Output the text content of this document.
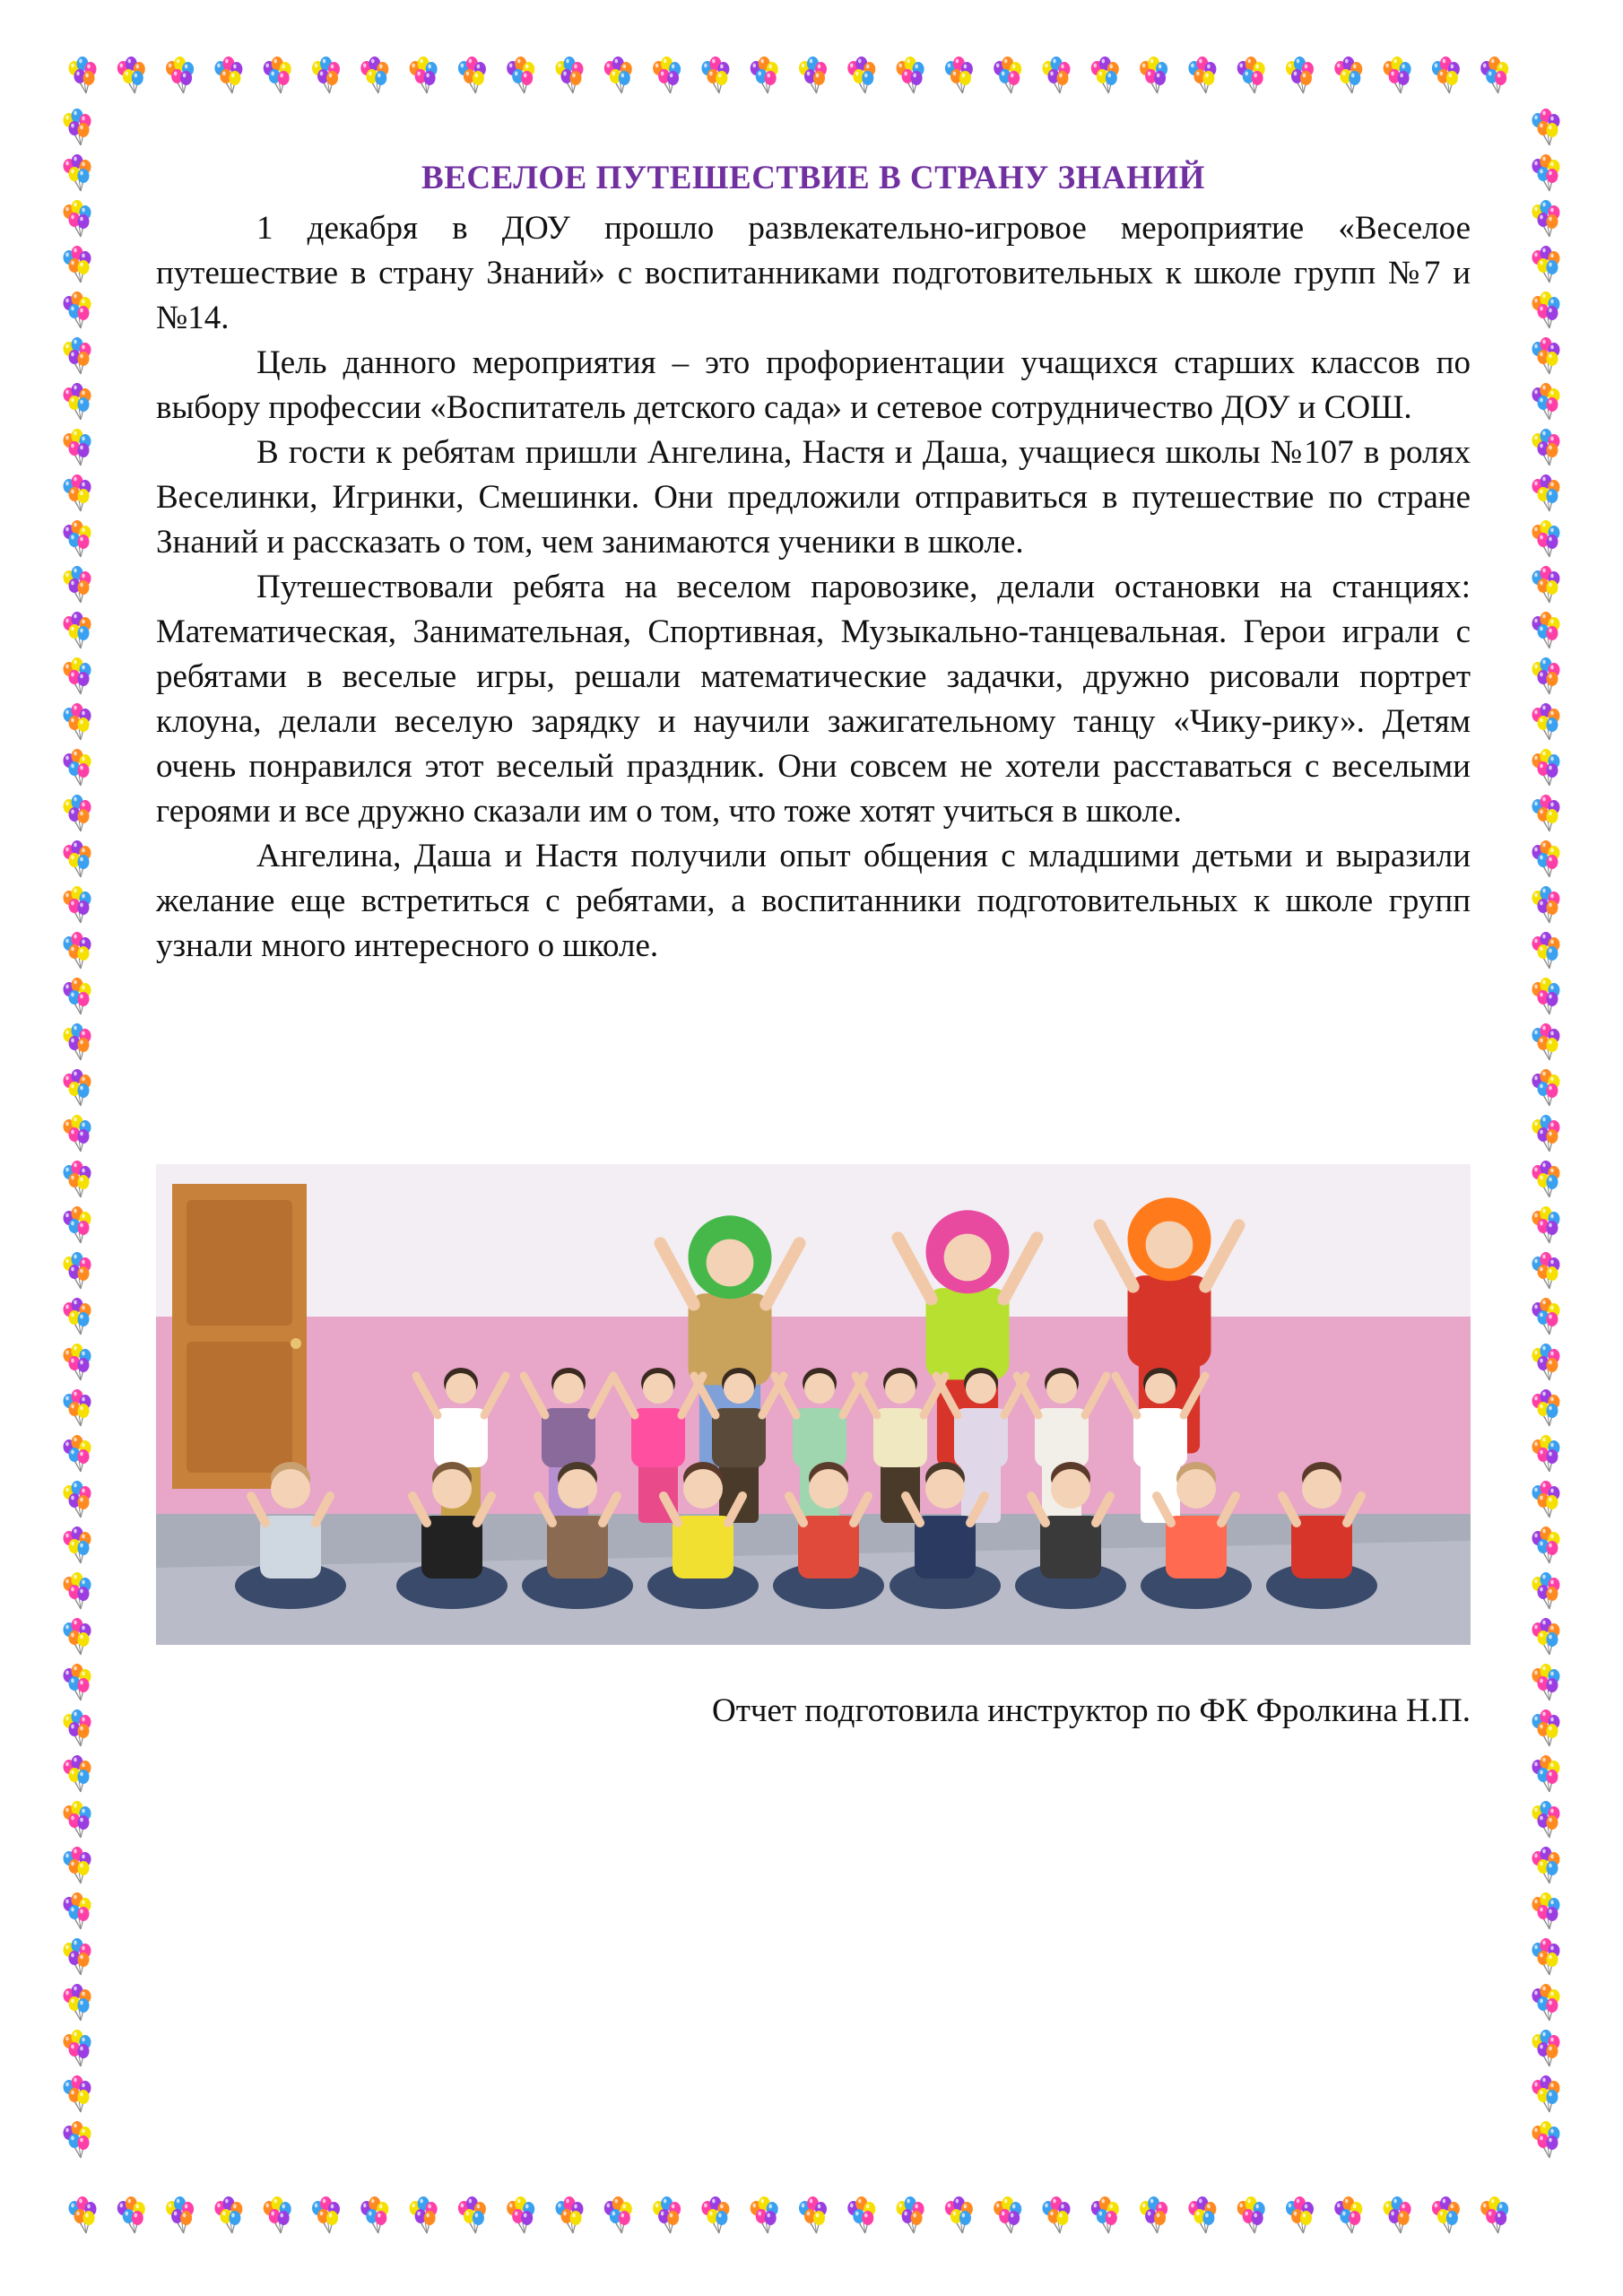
ВЕСЕЛОЕ ПУТЕШЕСТВИЕ В СТРАНУ ЗНАНИЙ

1 декабря в ДОУ прошло развлекательно-игровое мероприятие «Веселое путешествие в страну Знаний» с воспитанниками подготовительных к школе групп №7 и №14.

Цель данного мероприятия – это профориентации учащихся старших классов по выбору профессии «Воспитатель детского сада» и сетевое сотрудничество ДОУ и СОШ.

В гости к ребятам пришли Ангелина, Настя и Даша, учащиеся школы №107 в ролях Веселинки, Игринки, Смешинки. Они предложили отправиться в путешествие по стране Знаний и рассказать о том, чем занимаются ученики в школе.

Путешествовали ребята на веселом паровозике, делали остановки на станциях: Математическая, Занимательная, Спортивная, Музыкально-танцевальная. Герои играли с ребятами в веселые игры, решали математические задачки, дружно рисовали портрет клоуна, делали веселую зарядку и научили зажигательному танцу «Чику-рику». Детям очень понравился этот веселый праздник. Они совсем не хотели расставаться с веселыми героями и все дружно сказали им о том, что тоже хотят учиться в школе.

Ангелина, Даша и Настя получили опыт общения с младшими детьми и выразили желание еще встретиться с ребятами, а воспитанники подготовительных к школе групп узнали много интересного о школе.

Отчет подготовила инструктор по ФК Фролкина Н.П.
